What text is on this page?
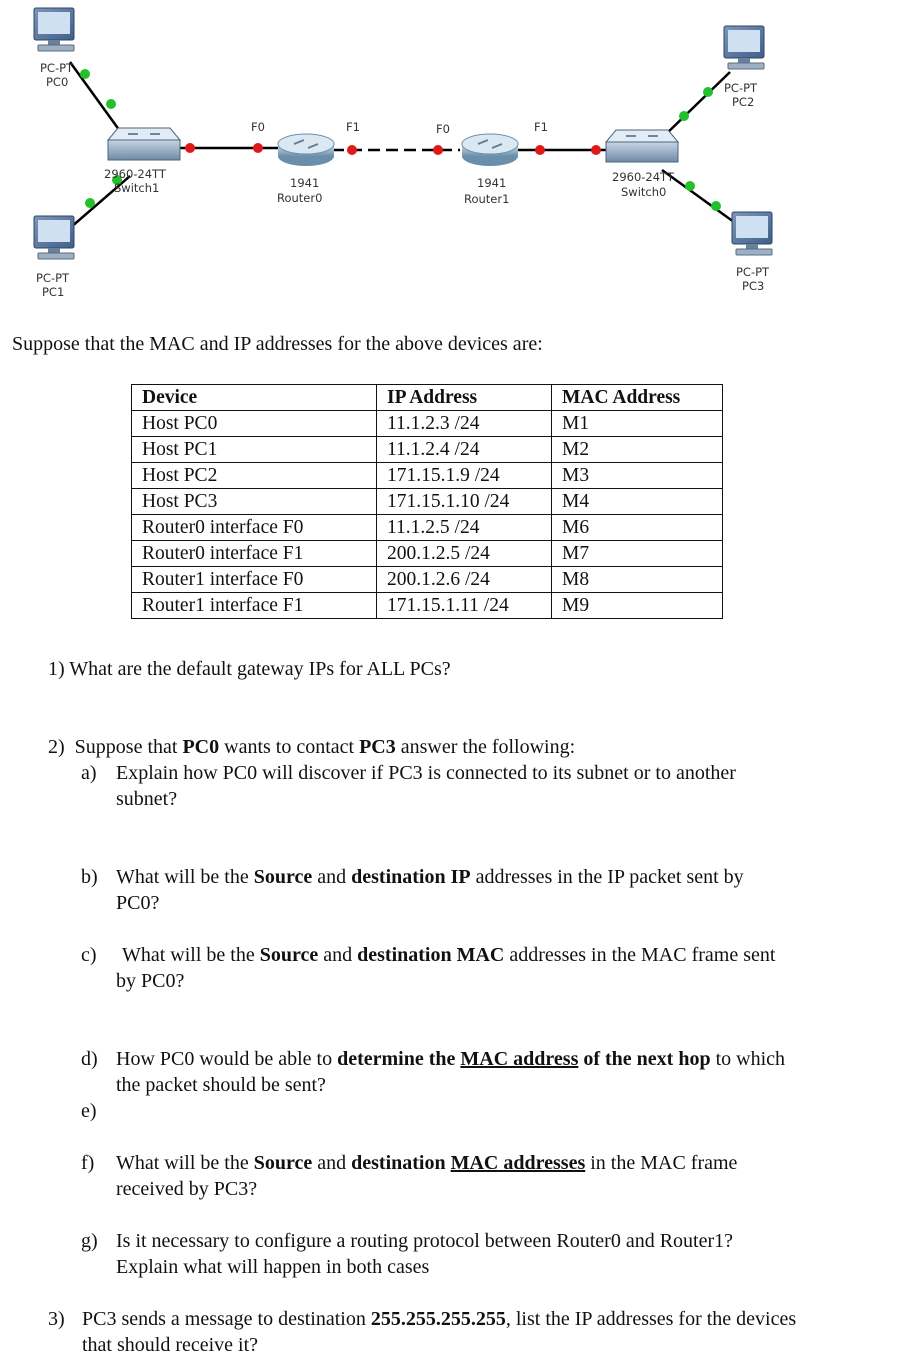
PC-PT
PC0
PC-PT
PC1
PC-PT
PC2
PC-PT
PC3
2960-24TT
Switch1
2960-24TT
Switch0
1941
Router0
1941
Router1
F0	F1	F0	F1
Suppose that the MAC and IP addresses for the above devices are:
Device	IP Address	MAC Address
Host PC0	11.1.2.3 /24	M1
Host PC1	11.1.2.4 /24	M2
Host PC2	171.15.1.9 /24	M3
Host PC3	171.15.1.10 /24	M4
Router0 interface F0	11.1.2.5 /24	M6
Router0 interface F1	200.1.2.5 /24	M7
Router1 interface F0	200.1.2.6 /24	M8
Router1 interface F1	171.15.1.11 /24	M9
1) What are the default gateway IPs for ALL PCs?
2) Suppose that PC0 wants to contact PC3 answer the following:
a) Explain how PC0 will discover if PC3 is connected to its subnet or to another subnet?
b) What will be the Source and destination IP addresses in the IP packet sent by PC0?
c)	What will be the Source and destination MAC addresses in the MAC frame sent by PC0?
d) How PC0 would be able to determine the MAC address of the next hop to which the packet should be sent?
e)
f)	What will be the Source and destination MAC addresses in the MAC frame received by PC3?
g) Is it necessary to configure a routing protocol between Router0 and Router1? Explain what will happen in both cases
3) PC3 sends a message to destination 255.255.255.255, list the IP addresses for the devices that should receive it?
